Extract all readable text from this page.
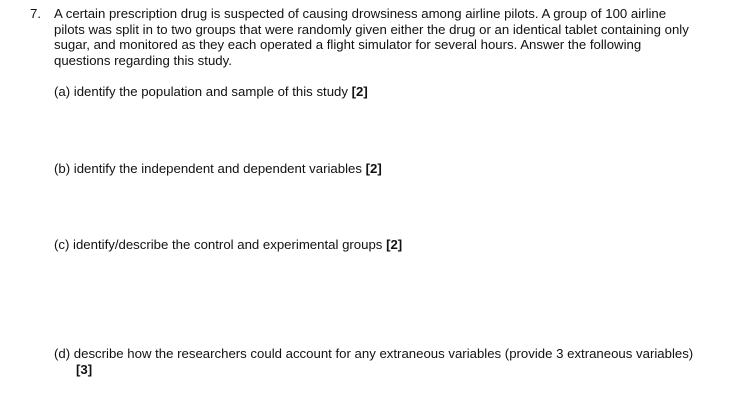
7. A certain prescription drug is suspected of causing drowsiness among airline pilots. A group of 100 airline
pilots was split in to two groups that were randomly given either the drug or an identical tablet containing only
sugar, and monitored as they each operated a flight simulator for several hours. Answer the following
questions regarding this study.
(a) identify the population and sample of this study [2]
(b) identify the independent and dependent variables [2]
(c) identify/describe the control and experimental groups [2]
(d) describe how the researchers could account for any extraneous variables (provide 3 extraneous variables)
[3]
